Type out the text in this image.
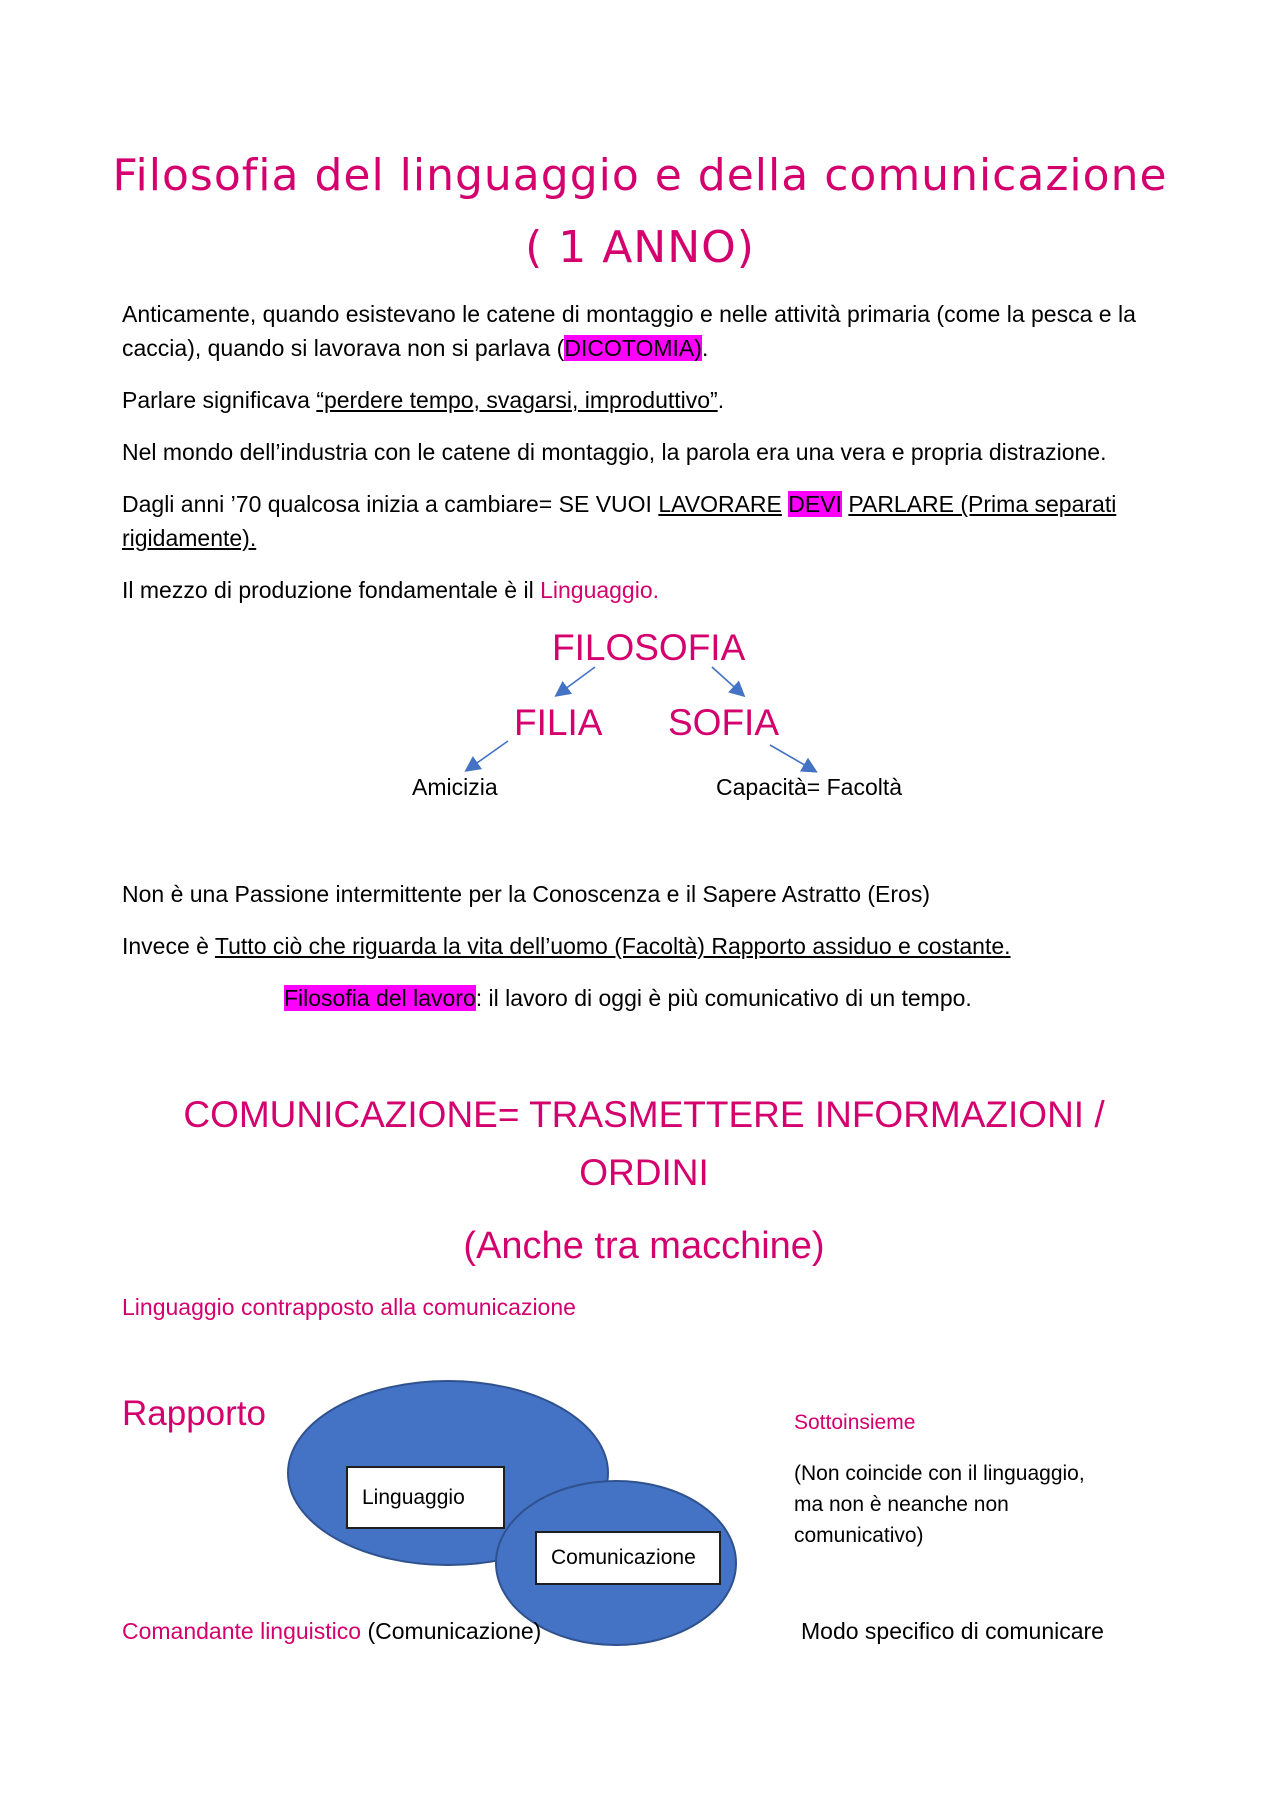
Filosofia del linguaggio e della comunicazione
( 1 ANNO)
Anticamente, quando esistevano le catene di montaggio e nelle attività primaria (come la pesca e la caccia), quando si lavorava non si parlava (DICOTOMIA).
Parlare significava “perdere tempo, svagarsi, improduttivo”.
Nel mondo dell’industria con le catene di montaggio, la parola era una vera e propria distrazione.
Dagli anni ’70 qualcosa inizia a cambiare= SE VUOI LAVORARE DEVI PARLARE (Prima separati rigidamente).
Il mezzo di produzione fondamentale è il Linguaggio.
FILOSOFIA
FILIA SOFIA
Amicizia	Capacità= Facoltà
Non è una Passione intermittente per la Conoscenza e il Sapere Astratto (Eros)
Invece è Tutto ciò che riguarda la vita dell’uomo (Facoltà) Rapporto assiduo e costante.
Filosofia del lavoro: il lavoro di oggi è più comunicativo di un tempo.
COMUNICAZIONE= TRASMETTERE INFORMAZIONI /
ORDINI
(Anche tra macchine)
Linguaggio contrapposto alla comunicazione
Rapporto
Linguaggio
Comunicazione
Sottoinsieme
(Non coincide con il linguaggio,
ma non è neanche non
comunicativo)
Comandante linguistico (Comunicazione)	Modo specifico di comunicare
